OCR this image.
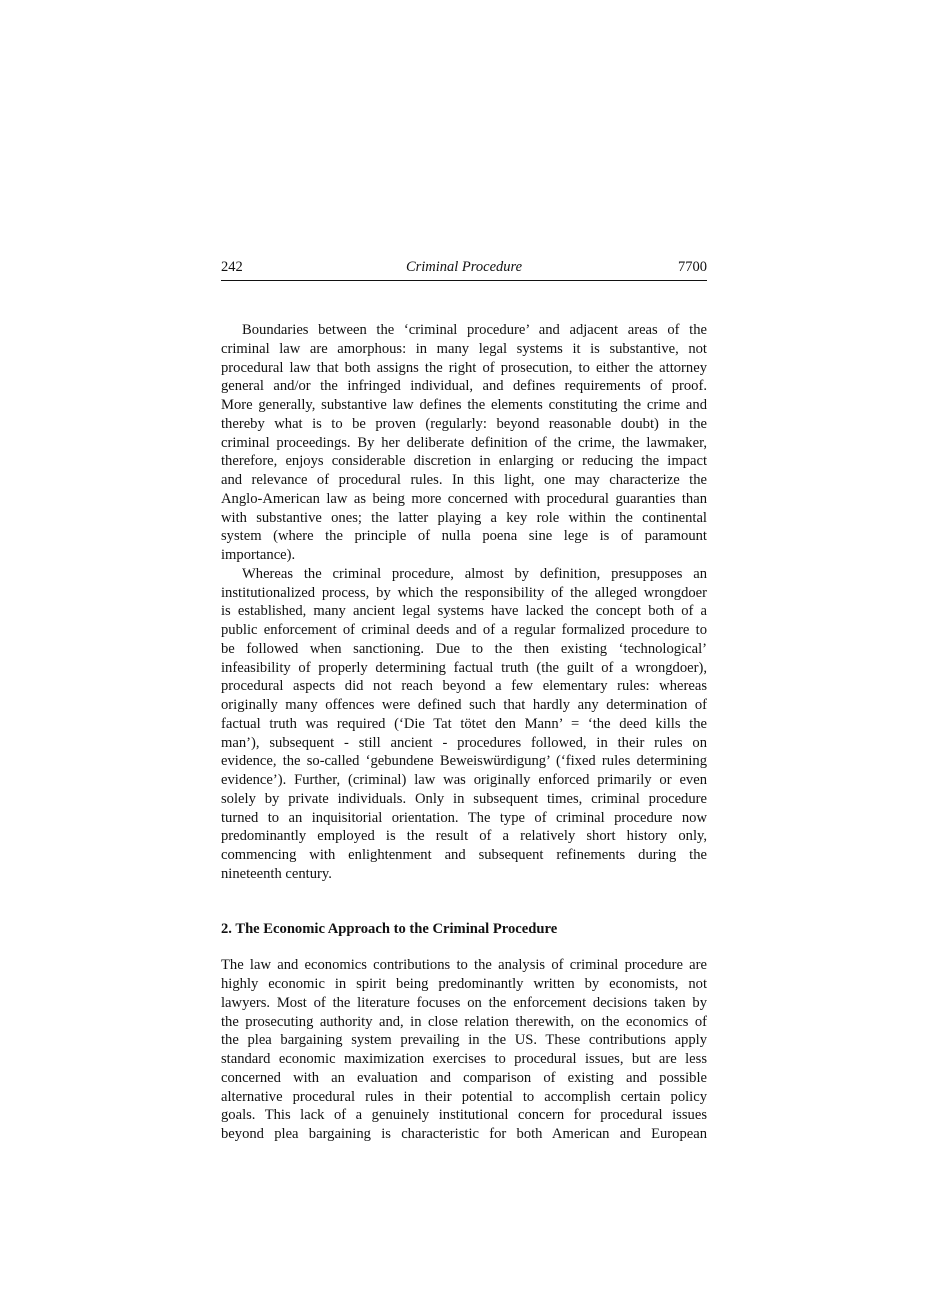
242	Criminal Procedure	7700
Boundaries between the ‘criminal procedure’ and adjacent areas of the
criminal law are amorphous: in many legal systems it is substantive, not
procedural law that both assigns the right of prosecution, to either the attorney
general and/or the infringed individual, and defines requirements of proof.
More generally, substantive law defines the elements constituting the crime and
thereby what is to be proven (regularly: beyond reasonable doubt) in the
criminal proceedings. By her deliberate definition of the crime, the lawmaker,
therefore, enjoys considerable discretion in enlarging or reducing the impact
and relevance of procedural rules. In this light, one may characterize the
Anglo-American law as being more concerned with procedural guaranties than
with substantive ones; the latter playing a key role within the continental
system (where the principle of nulla poena sine lege is of paramount
importance).
Whereas the criminal procedure, almost by definition, presupposes an
institutionalized process, by which the responsibility of the alleged wrongdoer
is established, many ancient legal systems have lacked the concept both of a
public enforcement of criminal deeds and of a regular formalized procedure to
be followed when sanctioning. Due to the then existing ‘technological’
infeasibility of properly determining factual truth (the guilt of a wrongdoer),
procedural aspects did not reach beyond a few elementary rules: whereas
originally many offences were defined such that hardly any determination of
factual truth was required (‘Die Tat tötet den Mann’ = ‘the deed kills the
man’), subsequent - still ancient - procedures followed, in their rules on
evidence, the so-called ‘gebundene Beweiswürdigung’ (‘fixed rules determining
evidence’). Further, (criminal) law was originally enforced primarily or even
solely by private individuals. Only in subsequent times, criminal procedure
turned to an inquisitorial orientation. The type of criminal procedure now
predominantly employed is the result of a relatively short history only,
commencing with enlightenment and subsequent refinements during the
nineteenth century.
2. The Economic Approach to the Criminal Procedure
The law and economics contributions to the analysis of criminal procedure are
highly economic in spirit being predominantly written by economists, not
lawyers. Most of the literature focuses on the enforcement decisions taken by
the prosecuting authority and, in close relation therewith, on the economics of
the plea bargaining system prevailing in the US. These contributions apply
standard economic maximization exercises to procedural issues, but are less
concerned with an evaluation and comparison of existing and possible
alternative procedural rules in their potential to accomplish certain policy
goals. This lack of a genuinely institutional concern for procedural issues
beyond plea bargaining is characteristic for both American and European
